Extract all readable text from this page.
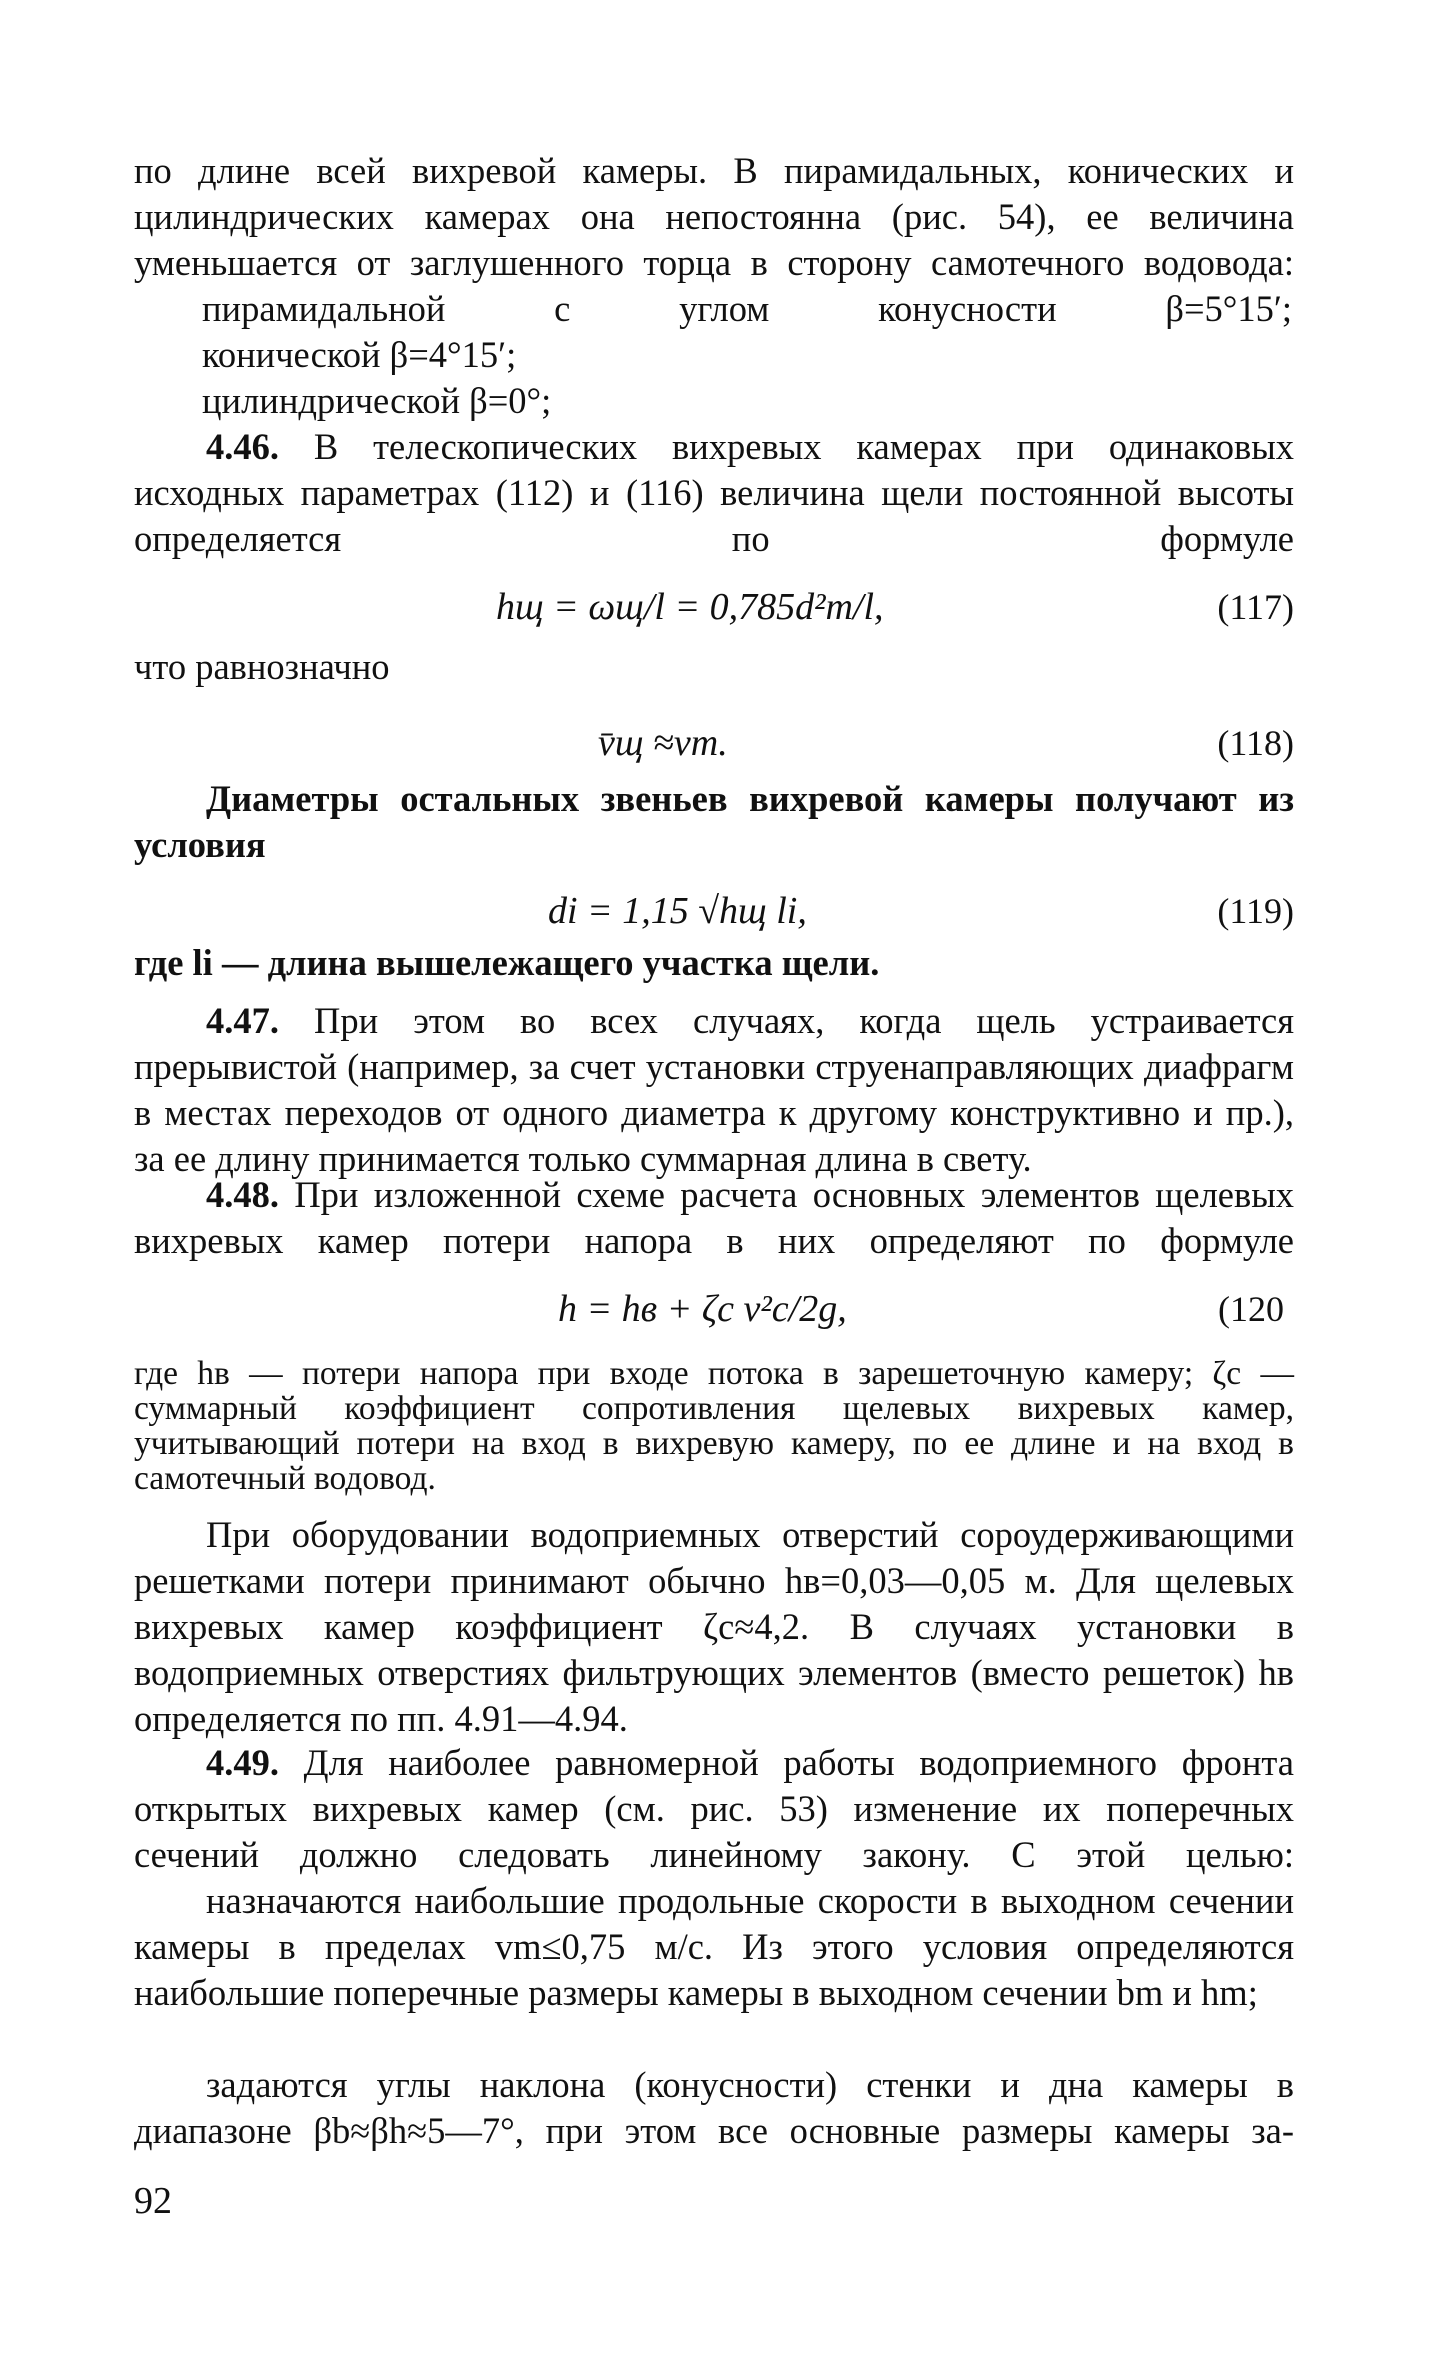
по длине всей вихревой камеры. В пирамидальных, конических и цилиндрических камерах она непостоянна (рис. 54), ее величина уменьшается от заглушенного торца в сторону самотечного водовода:

пирамидальной с углом конусности β=5°15′;

конической β=4°15′;

цилиндрической β=0°;

4.46. В телескопических вихревых камерах при одинаковых исходных параметрах (112) и (116) величина щели постоянной высоты определяется по формуле

hщ = ωщ/l = 0,785d²m/l,	(117)

что равнозначно

v̄щ ≈vm.	(118)

Диаметры остальных звеньев вихревой камеры получают из условия

di = 1,15 √hщ li,	(119)

где li — длина вышележащего участка щели.

4.47. При этом во всех случаях, когда щель устраивается прерывистой (например, за счет установки струенаправляющих диафрагм в местах переходов от одного диаметра к другому конструктивно и пр.), за ее длину принимается только суммарная длина в свету.

4.48. При изложенной схеме расчета основных элементов щелевых вихревых камер потери напора в них определяют по формуле

h = hв + ζс v²с/2g,	(120

где hв — потери напора при входе потока в зарешеточную камеру; ζс — суммарный коэффициент сопротивления щелевых вихревых камер, учитывающий потери на вход в вихревую камеру, по ее длине и на вход в самотечный водовод.

При оборудовании водоприемных отверстий сороудерживающими решетками потери принимают обычно hв=0,03—0,05 м. Для щелевых вихревых камер коэффициент ζс≈4,2. В случаях установки в водоприемных отверстиях фильтрующих элементов (вместо решеток) hв определяется по пп. 4.91—4.94.

4.49. Для наиболее равномерной работы водоприемного фронта открытых вихревых камер (см. рис. 53) изменение их поперечных сечений должно следовать линейному закону. С этой целью:

назначаются наибольшие продольные скорости в выходном сечении камеры в пределах vm≤0,75 м/с. Из этого условия определяются наибольшие поперечные размеры камеры в выходном сечении bm и hm;

задаются углы наклона (конусности) стенки и дна камеры в диапазоне βb≈βh≈5—7°, при этом все основные размеры камеры за-

92
